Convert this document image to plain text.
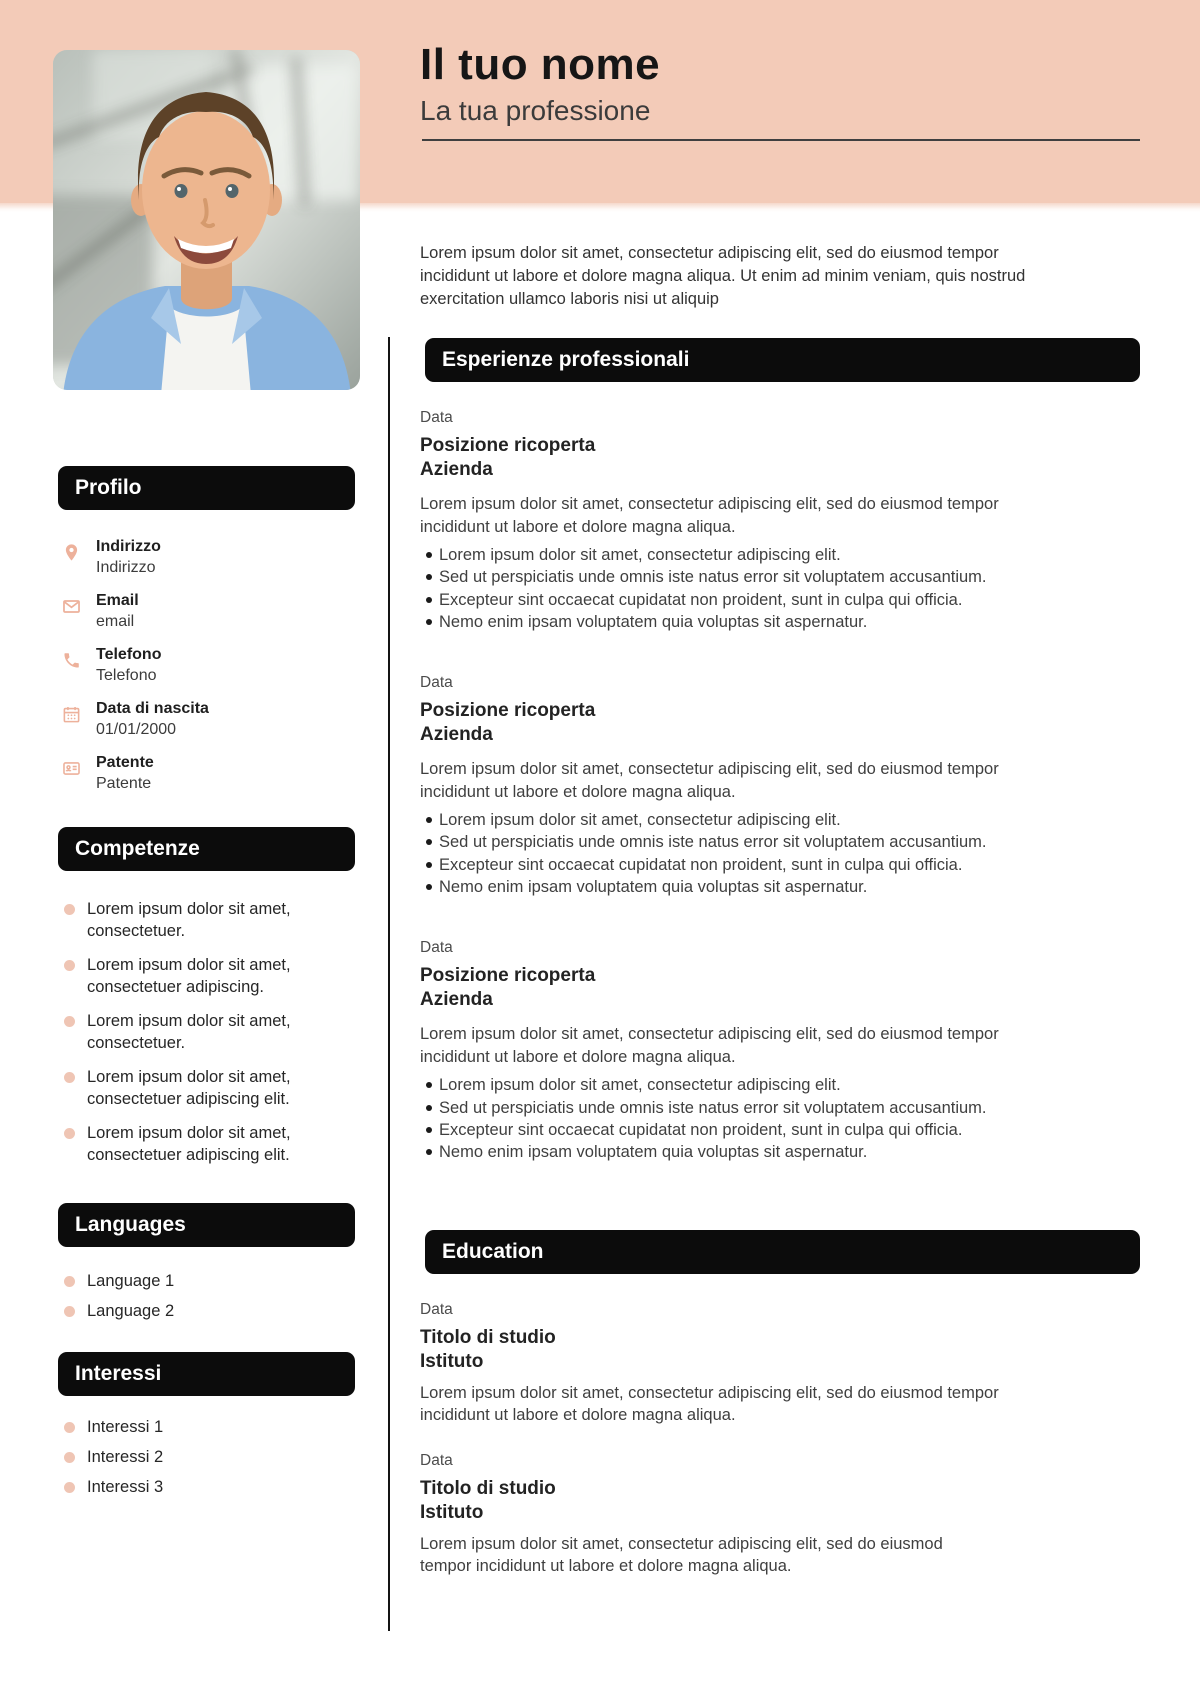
Profilo
Indirizzo
Indirizzo
Email
email
Telefono
Telefono
Data di nascita
01/01/2000
Patente
Patente
Competenze
Lorem ipsum dolor sit amet, consectetuer.
Lorem ipsum dolor sit amet, consectetuer adipiscing.
Lorem ipsum dolor sit amet, consectetuer.
Lorem ipsum dolor sit amet, consectetuer adipiscing elit.
Lorem ipsum dolor sit amet, consectetuer adipiscing elit.
Languages
Language 1
Language 2
Interessi
Interessi 1
Interessi 2
Interessi 3
Il tuo nome
La tua professione
Lorem ipsum dolor sit amet, consectetur adipiscing elit, sed do eiusmod tempor
incididunt ut labore et dolore magna aliqua. Ut enim ad minim veniam, quis nostrud
exercitation ullamco laboris nisi ut aliquip
Esperienze professionali
Data
Posizione ricoperta
Azienda
Lorem ipsum dolor sit amet, consectetur adipiscing elit, sed do eiusmod tempor
incididunt ut labore et dolore magna aliqua.
Lorem ipsum dolor sit amet, consectetur adipiscing elit.
Sed ut perspiciatis unde omnis iste natus error sit voluptatem accusantium.
Excepteur sint occaecat cupidatat non proident, sunt in culpa qui officia.
Nemo enim ipsam voluptatem quia voluptas sit aspernatur.
Data
Posizione ricoperta
Azienda
Lorem ipsum dolor sit amet, consectetur adipiscing elit, sed do eiusmod tempor
incididunt ut labore et dolore magna aliqua.
Lorem ipsum dolor sit amet, consectetur adipiscing elit.
Sed ut perspiciatis unde omnis iste natus error sit voluptatem accusantium.
Excepteur sint occaecat cupidatat non proident, sunt in culpa qui officia.
Nemo enim ipsam voluptatem quia voluptas sit aspernatur.
Data
Posizione ricoperta
Azienda
Lorem ipsum dolor sit amet, consectetur adipiscing elit, sed do eiusmod tempor
incididunt ut labore et dolore magna aliqua.
Lorem ipsum dolor sit amet, consectetur adipiscing elit.
Sed ut perspiciatis unde omnis iste natus error sit voluptatem accusantium.
Excepteur sint occaecat cupidatat non proident, sunt in culpa qui officia.
Nemo enim ipsam voluptatem quia voluptas sit aspernatur.
Education
Data
Titolo di studio
Istituto
Lorem ipsum dolor sit amet, consectetur adipiscing elit, sed do eiusmod tempor
incididunt ut labore et dolore magna aliqua.
Data
Titolo di studio
Istituto
Lorem ipsum dolor sit amet, consectetur adipiscing elit, sed do eiusmod
tempor incididunt ut labore et dolore magna aliqua.
